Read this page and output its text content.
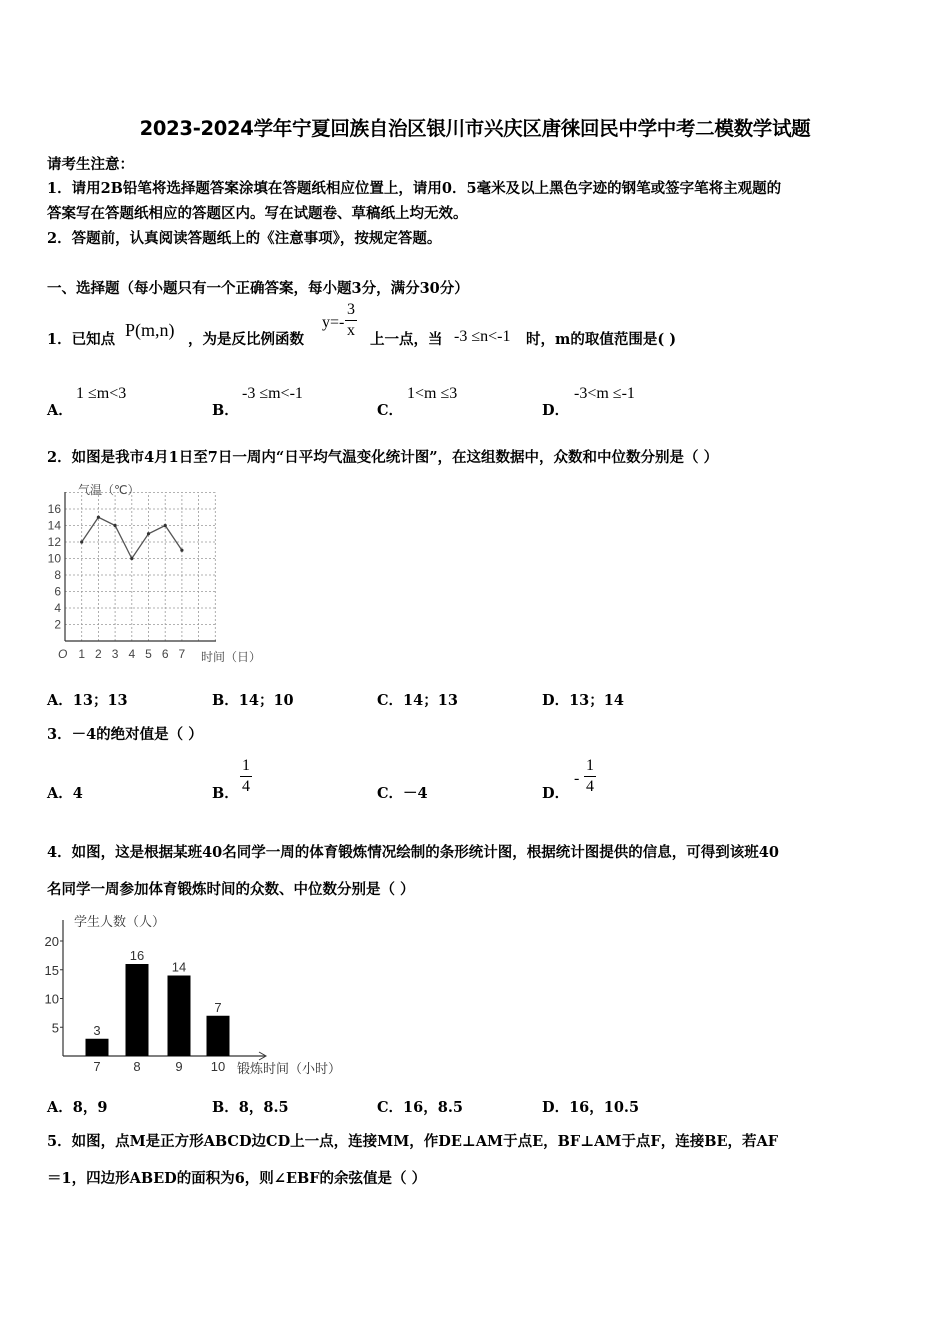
2023-2024学年宁夏回族自治区银川市兴庆区唐徕回民中学中考二模数学试题
请考生注意：
1．请用2B铅笔将选择题答案涂填在答题纸相应位置上，请用0．5毫米及以上黑色字迹的钢笔或签字笔将主观题的
答案写在答题纸相应的答题区内。写在试题卷、草稿纸上均无效。
2．答题前，认真阅读答题纸上的《注意事项》，按规定答题。
一、选择题（每小题只有一个正确答案，每小题3分，满分30分）
1．已知点 P(m,n) ，为是反比例函数
$y=- \frac{3}{x}$ 上一点，当 -3 ≤n<-1 时，m的取值范围是( )
A．
1 ≤m<3
B．
-3 ≤m<-1
C．
1<m ≤3
D．
-3<m ≤-1
2．如图是我市4月1日至7日一周内“日平均气温变化统计图”，在这组数据中，众数和中位数分别是（ ）
气温（℃）
时间（日）
O
2
4
6
8
10
12
14
16
1 2 3 4 5 6 7
A．13；13	B．14；10	C．14；13	D．13；14
3．－4的绝对值是（ ）
A．4	B． $\frac{1}{4}$	C．－4	D．
- $\frac{1}{4}$
4．如图，这是根据某班40名同学一周的体育锻炼情况绘制的条形统计图，根据统计图提供的信息，可得到该班40
名同学一周参加体育锻炼时间的众数、中位数分别是（ ）
学生人数（人）
锻炼时间（小时）
5
10
15
20
3
7
16
8
14
9
7
10
A．8，9	B．8，8.5	C．16，8.5	D．16，10.5
5．如图，点M是正方形ABCD边CD上一点，连接MM，作DE⊥AM于点E，BF⊥AM于点F，连接BE，若AF
＝1，四边形ABED的面积为6，则∠EBF的余弦值是（ ）
